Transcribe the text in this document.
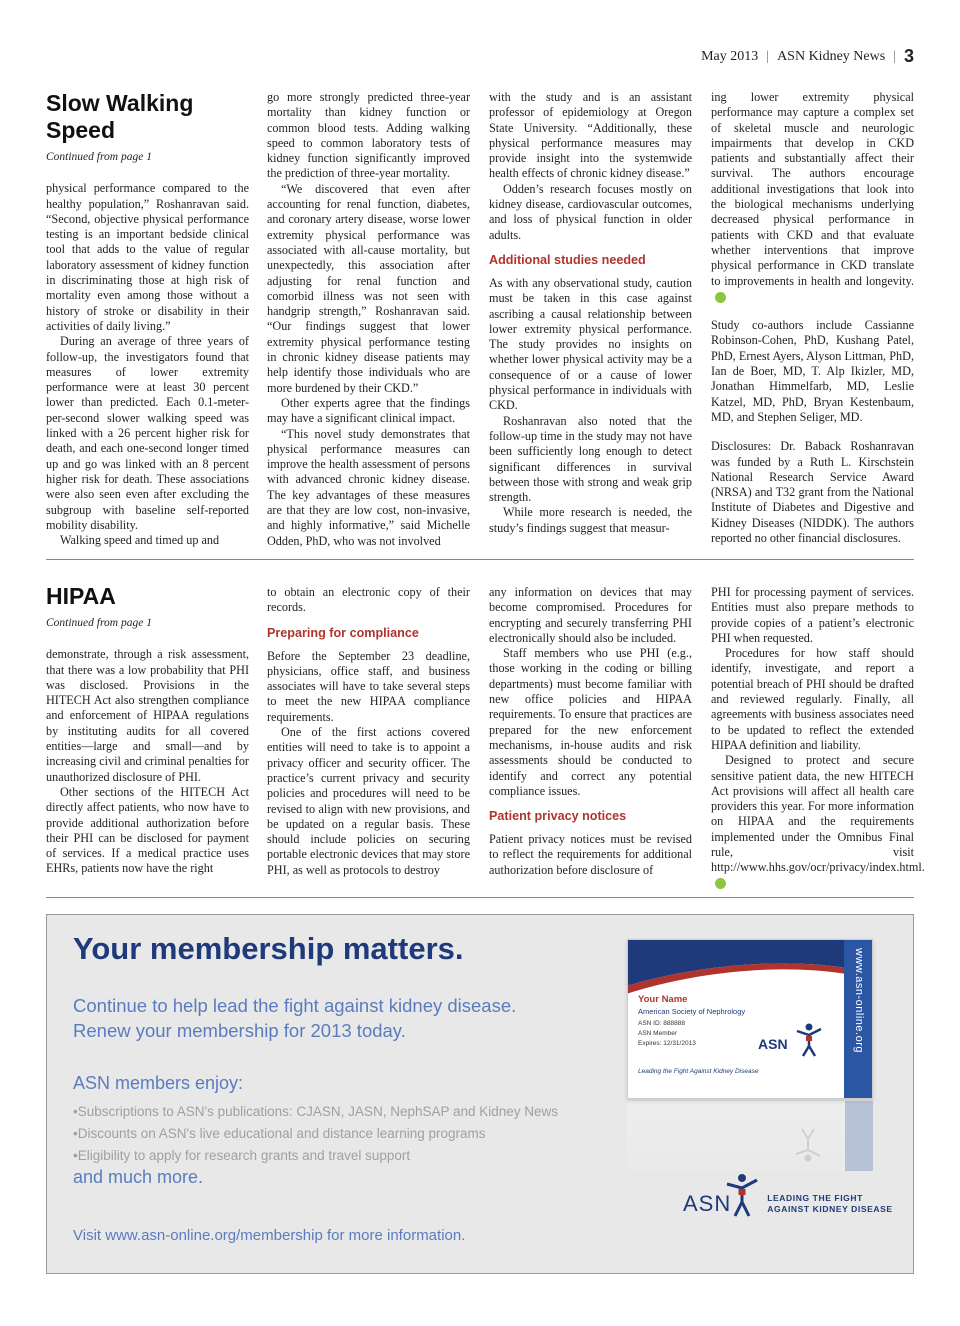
May 2013 | ASN Kidney News | 3
Slow Walking
Speed
Continued from page 1

physical performance compared to the healthy population,” Roshanravan said. “Second, objective physical performance testing is an important bedside clinical tool that adds to the value of regular laboratory assessment of kidney function in discriminating those at high risk of mortality even among those without a history of stroke or disability in their activities of daily living.”

During an average of three years of follow-up, the investigators found that measures of lower extremity performance were at least 30 percent lower than predicted. Each 0.1-meter-per-second slower walking speed was linked with a 26 percent higher risk for death, and each one-second longer timed up and go was linked with an 8 percent higher risk for death. These associations were also seen even after excluding the subgroup with baseline self-reported mobility disability.

Walking speed and timed up and

go more strongly predicted three-year mortality than kidney function or common blood tests. Adding walking speed to common laboratory tests of kidney function significantly improved the prediction of three-year mortality.

“We discovered that even after accounting for renal function, diabetes, and coronary artery disease, worse lower extremity physical performance was associated with all-cause mortality, but unexpectedly, this association after adjusting for renal function and comorbid illness was not seen with handgrip strength,” Roshanravan said. “Our findings suggest that lower extremity physical performance testing in chronic kidney disease patients may help identify those individuals who are more burdened by their CKD.”

Other experts agree that the findings may have a significant clinical impact.

“This novel study demonstrates that physical performance measures can improve the health assessment of persons with advanced chronic kidney disease. The key advantages of these measures are that they are low cost, non-invasive, and highly informative,” said Michelle Odden, PhD, who was not involved

with the study and is an assistant professor of epidemiology at Oregon State University. “Additionally, these physical performance measures may provide insight into the systemwide health effects of chronic kidney disease.”

Odden’s research focuses mostly on kidney disease, cardiovascular outcomes, and loss of physical function in older adults.

Additional studies needed

As with any observational study, caution must be taken in this case against ascribing a causal relationship between lower extremity physical performance. The study provides no insights on whether lower physical activity may be a consequence of or a cause of lower physical performance in individuals with CKD.

Roshanravan also noted that the follow-up time in the study may not have been sufficiently long enough to detect significant differences in survival between those with strong and weak grip strength.

While more research is needed, the study’s findings suggest that measur-

ing lower extremity physical performance may capture a complex set of skeletal muscle and neurologic impairments that develop in CKD patients and substantially affect their survival. The authors encourage additional investigations that look into the biological mechanisms underlying decreased physical performance in patients with CKD and that evaluate whether interventions that improve physical performance in CKD translate to improvements in health and longevity.

Study co-authors include Cassianne Robinson-Cohen, PhD, Kushang Patel, PhD, Ernest Ayers, Alyson Littman, PhD, Ian de Boer, MD, T. Alp Ikizler, MD, Jonathan Himmelfarb, MD, Leslie Katzel, MD, PhD, Bryan Kestenbaum, MD, and Stephen Seliger, MD.

Disclosures: Dr. Baback Roshanravan was funded by a Ruth L. Kirschstein National Research Service Award (NRSA) and T32 grant from the National Institute of Diabetes and Digestive and Kidney Diseases (NIDDK). The authors reported no other financial disclosures.

HIPAA
Continued from page 1

demonstrate, through a risk assessment, that there was a low probability that PHI was disclosed. Provisions in the HITECH Act also strengthen compliance and enforcement of HIPAA regulations by instituting audits for all covered entities—large and small—and by increasing civil and criminal penalties for unauthorized disclosure of PHI.

Other sections of the HITECH Act directly affect patients, who now have to provide additional authorization before their PHI can be disclosed for payment of services. If a medical practice uses EHRs, patients now have the right

to obtain an electronic copy of their records.

Preparing for compliance

Before the September 23 deadline, physicians, office staff, and business associates will have to take several steps to meet the new HIPAA compliance requirements.

One of the first actions covered entities will need to take is to appoint a privacy officer and security officer. The practice’s current privacy and security policies and procedures will need to be revised to align with new provisions, and be updated on a regular basis. These should include policies on securing portable electronic devices that may store PHI, as well as protocols to destroy

any information on devices that may become compromised. Procedures for encrypting and securely transferring PHI electronically should also be included.

Staff members who use PHI (e.g., those working in the coding or billing departments) must become familiar with new office policies and HIPAA requirements. To ensure that practices are prepared for the new enforcement mechanisms, in-house audits and risk assessments should be conducted to identify and correct any potential compliance issues.

Patient privacy notices

Patient privacy notices must be revised to reflect the requirements for additional authorization before disclosure of

PHI for processing payment of services. Entities must also prepare methods to provide copies of a patient’s electronic PHI when requested.

Procedures for how staff should identify, investigate, and report a potential breach of PHI should be drafted and reviewed regularly. Finally, all agreements with business associates need to be updated to reflect the extended HIPAA definition and liability.

Designed to protect and secure sensitive patient data, the new HITECH Act provisions will affect all health care providers this year. For more information on HIPAA and the requirements implemented under the Omnibus Final rule, visit http://www.hhs.gov/ocr/privacy/index.html.

Your membership matters.
Continue to help lead the fight against kidney disease.
Renew your membership for 2013 today.
ASN members enjoy:
• Subscriptions to ASN's publications: CJASN, JASN, NephSAP and Kidney News
• Discounts on ASN's live educational and distance learning programs
• Eligibility to apply for research grants and travel support
and much more.
Visit www.asn-online.org/membership for more information.
www.asn-online.org
Your Name
American Society of Nephrology
ASN ID: 888888
ASN Member
Expires: 12/31/2013
Leading the Fight Against Kidney Disease
ASN
ASN	LEADING THE FIGHT
AGAINST KIDNEY DISEASE
